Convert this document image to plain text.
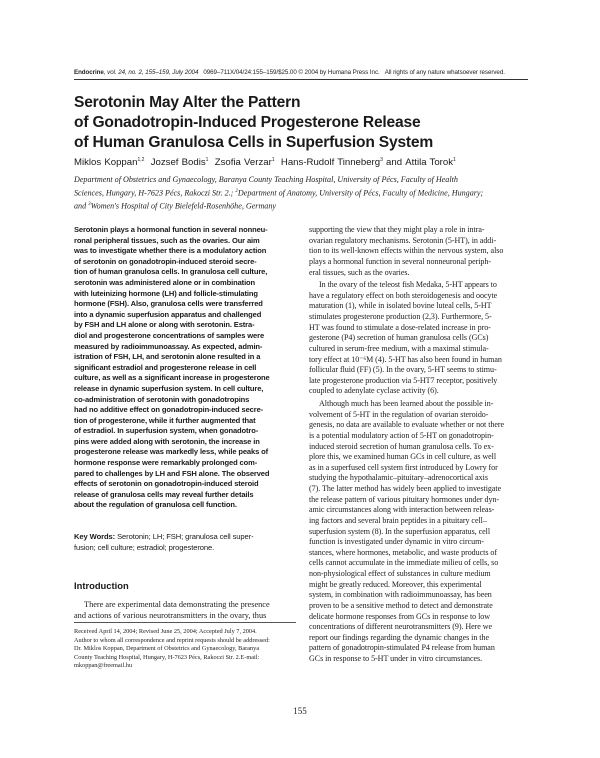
Endocrine, vol. 24, no. 2, 155–159, July 2004 0969–711X/04/24:155–159/$25.00 © 2004 by Humana Press Inc. All rights of any nature whatsoever reserved.
Serotonin May Alter the Pattern
of Gonadotropin-Induced Progesterone Release
of Human Granulosa Cells in Superfusion System
Miklos Koppan$^{1,2}$ Jozsef Bodis$^1$ Zsofia Verzar$^1$ Hans-Rudolf Tinneberg$^3$ and Attila Torok$^1$
Department of Obstetrics and Gynaecology, Baranya County Teaching Hospital, University of Pécs, Faculty of Health
Sciences, Hungary, H-7623 Pécs, Rakoczi Str. 2.; $^2$Department of Anatomy, University of Pécs, Faculty of Medicine, Hungary;
and $^3$Women's Hospital of City Bielefeld-Rosenhöhe, Germany
Serotonin plays a hormonal function in several nonneu-
ronal peripheral tissues, such as the ovaries. Our aim
was to investigate whether there is a modulatory action
of serotonin on gonadotropin-induced steroid secre-
tion of human granulosa cells. In granulosa cell culture,
serotonin was administered alone or in combination
with luteinizing hormone (LH) and follicle-stimulating
hormone (FSH). Also, granulosa cells were transferred
into a dynamic superfusion apparatus and challenged
by FSH and LH alone or along with serotonin. Estra-
diol and progesterone concentrations of samples were
measured by radioimmunoassay. As expected, admin-
istration of FSH, LH, and serotonin alone resulted in a
significant estradiol and progesterone release in cell
culture, as well as a significant increase in progesterone
release in dynamic superfusion system. In cell culture,
co-administration of serotonin with gonadotropins
had no additive effect on gonadotropin-induced secre-
tion of progesterone, while it further augmented that
of estradiol. In superfusion system, when gonadotro-
pins were added along with serotonin, the increase in
progesterone release was markedly less, while peaks of
hormone response were remarkably prolonged com-
pared to challenges by LH and FSH alone. The observed
effects of serotonin on gonadotropin-induced steroid
release of granulosa cells may reveal further details
about the regulation of granulosa cell function.
Key Words: Serotonin; LH; FSH; granulosa cell super-
fusion; cell culture; estradiol; progesterone.
Introduction
There are experimental data demonstrating the presence
and actions of various neurotransmitters in the ovary, thus
Received April 14, 2004; Revised June 25, 2004; Accepted July 7, 2004.
Author to whom all correspondence and reprint requests should be addressed:
Dr. Miklos Koppan, Department of Obstetrics and Gynaecology, Baranya
County Teaching Hospital, Hungary, H-7623 Pécs, Rakoczi Str. 2.E-mail:
mkoppan@freemail.hu
supporting the view that they might play a role in intra-
ovarian regulatory mechanisms. Serotonin (5-HT), in addi-
tion to its well-known effects within the nervous system, also
plays a hormonal function in several nonneuronal periph-
eral tissues, such as the ovaries.
In the ovary of the teleost fish Medaka, 5-HT appears to
have a regulatory effect on both steroidogenesis and oocyte
maturation (1), while in isolated bovine luteal cells, 5-HT
stimulates progesterone production (2,3). Furthermore, 5-
HT was found to stimulate a dose-related increase in pro-
gesterone (P4) secretion of human granulosa cells (GCs)
cultured in serum-free medium, with a maximal stimula-
tory effect at 10⁻⁶M (4). 5-HT has also been found in human
follicular fluid (FF) (5). In the ovary, 5-HT seems to stimu-
late progesterone production via 5-HT7 receptor, positively
coupled to adenylate cyclase activity (6).
Although much has been learned about the possible in-
volvement of 5-HT in the regulation of ovarian steroido-
genesis, no data are available to evaluate whether or not there
is a potential modulatory action of 5-HT on gonadotropin-
induced steroid secretion of human granulosa cells. To ex-
plore this, we examined human GCs in cell culture, as well
as in a superfused cell system first introduced by Lowry for
studying the hypothalamic–pituitary–adrenocortical axis
(7). The latter method has widely been applied to investigate
the release pattern of various pituitary hormones under dyn-
amic circumstances along with interaction between releas-
ing factors and several brain peptides in a pituitary cell–
superfusion system (8). In the superfusion apparatus, cell
function is investigated under dynamic in vitro circum-
stances, where hormones, metabolic, and waste products of
cells cannot accumulate in the immediate milieu of cells, so
non-physiological effect of substances in culture medium
might be greatly reduced. Moreover, this experimental
system, in combination with radioimmunoassay, has been
proven to be a sensitive method to detect and demonstrate
delicate hormone responses from GCs in response to low
concentrations of different neurotransmitters (9). Here we
report our findings regarding the dynamic changes in the
pattern of gonadotropin-stimulated P4 release from human
GCs in response to 5-HT under in vitro circumstances.
155
